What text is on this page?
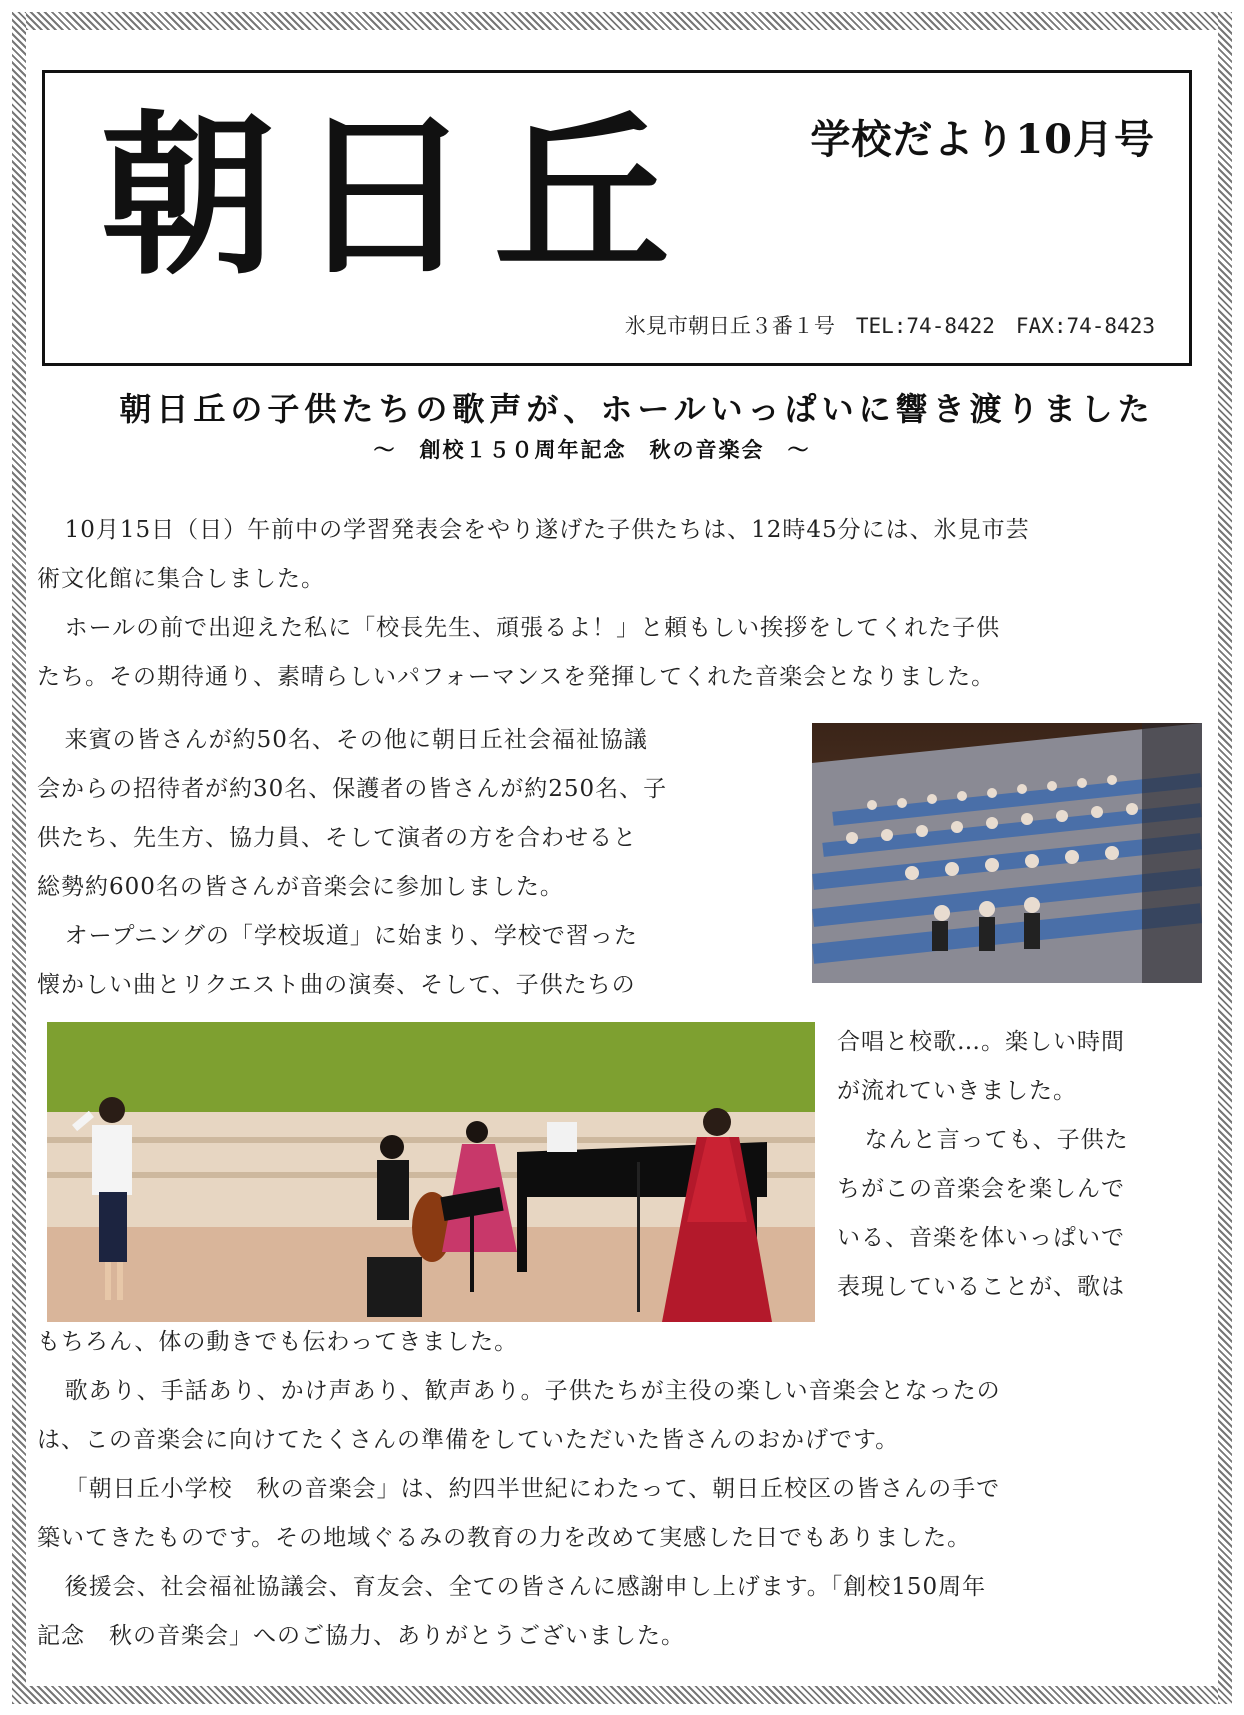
朝日丘	学校だより10月号
氷見市朝日丘３番１号　TEL:74-8422　FAX:74-8423
朝日丘の子供たちの歌声が、ホールいっぱいに響き渡りました
～　創校１５０周年記念　秋の音楽会　～

10月15日（日）午前中の学習発表会をやり遂げた子供たちは、12時45分には、氷見市芸

術文化館に集合しました。

ホールの前で出迎えた私に「校長先生、頑張るよ！」と頼もしい挨拶をしてくれた子供

たち。その期待通り、素晴らしいパフォーマンスを発揮してくれた音楽会となりました。

来賓の皆さんが約50名、その他に朝日丘社会福祉協議

会からの招待者が約30名、保護者の皆さんが約250名、子

供たち、先生方、協力員、そして演者の方を合わせると

総勢約600名の皆さんが音楽会に参加しました。

オープニングの「学校坂道」に始まり、学校で習った

懐かしい曲とリクエスト曲の演奏、そして、子供たちの

合唱と校歌…。楽しい時間

が流れていきました。

なんと言っても、子供た

ちがこの音楽会を楽しんで

いる、音楽を体いっぱいで

表現していることが、歌は

もちろん、体の動きでも伝わってきました。

歌あり、手話あり、かけ声あり、歓声あり。子供たちが主役の楽しい音楽会となったの

は、この音楽会に向けてたくさんの準備をしていただいた皆さんのおかげです。

「朝日丘小学校　秋の音楽会」は、約四半世紀にわたって、朝日丘校区の皆さんの手で

築いてきたものです。その地域ぐるみの教育の力を改めて実感した日でもありました。

後援会、社会福祉協議会、育友会、全ての皆さんに感謝申し上げます。「創校150周年

記念　秋の音楽会」へのご協力、ありがとうございました。
